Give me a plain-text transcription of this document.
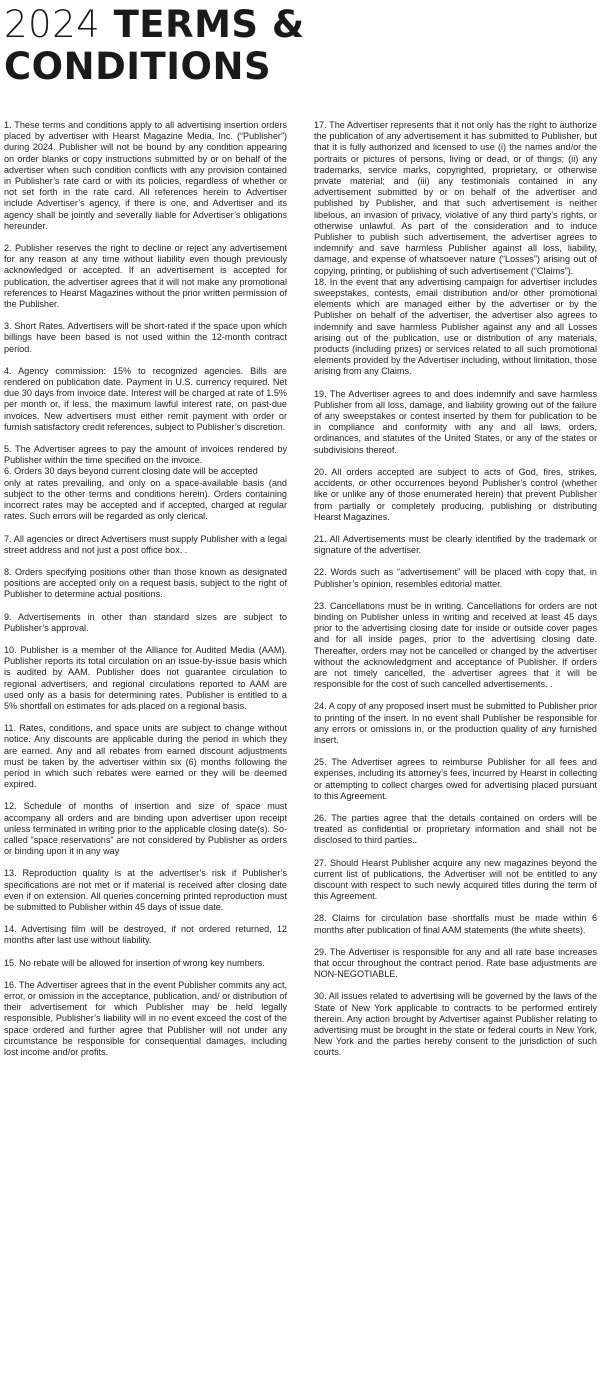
2024 TERMS &
CONDITIONS

1. These terms and conditions apply to all advertising insertion orders placed by advertiser with Hearst Magazine Media, Inc. (“Publisher”) during 2024. Publisher will not be bound by any condition appearing on order blanks or copy instructions submitted by or on behalf of the advertiser when such condition conflicts with any provision contained in Publisher’s rate card or with its policies, regardless of whether or not set forth in the rate card. All references herein to Advertiser include Advertiser’s agency, if there is one, and Advertiser and its agency shall be jointly and severally liable for Advertiser’s obligations hereunder.

2. Publisher reserves the right to decline or reject any advertisement for any reason at any time without liability even though previously acknowledged or accepted. If an advertisement is accepted for publication, the advertiser agrees that it will not make any promotional references to Hearst Magazines without the prior written permission of the Publisher.

3. Short Rates. Advertisers will be short-rated if the space upon which billings have been based is not used within the 12-month contract period.

4. Agency commission: 15% to recognized agencies. Bills are rendered on publication date. Payment in U.S. currency required. Net due 30 days from invoice date. Interest will be charged at rate of 1.5% per month or, if less, the maximum lawful interest rate, on past-due invoices. New advertisers must either remit payment with order or furnish satisfactory credit references, subject to Publisher’s discretion.

5. The Advertiser agrees to pay the amount of invoices rendered by Publisher within the time specified on the invoice.
6. Orders 30 days beyond current closing date will be accepted
only at rates prevailing, and only on a space-available basis (and subject to the other terms and conditions herein). Orders containing incorrect rates may be accepted and if accepted, charged at regular rates. Such errors will be regarded as only clerical.

7. All agencies or direct Advertisers must supply Publisher with a legal street address and not just a post office box. .

8. Orders specifying positions other than those known as designated positions are accepted only on a request basis, subject to the right of Publisher to determine actual positions.

9. Advertisements in other than standard sizes are subject to Publisher’s approval.

10. Publisher is a member of the Alliance for Audited Media (AAM). Publisher reports its total circulation on an issue-by-issue basis which is audited by AAM. Publisher does not guarantee circulation to regional advertisers, and regional circulations reported to AAM are used only as a basis for determining rates. Publisher is entitled to a 5% shortfall on estimates for ads placed on a regional basis.

11. Rates, conditions, and space units are subject to change without notice. Any discounts are applicable during the period in which they are earned. Any and all rebates from earned discount adjustments must be taken by the advertiser within six (6) months following the period in which such rebates were earned or they will be deemed expired.

12. Schedule of months of insertion and size of space must accompany all orders and are binding upon advertiser upon receipt unless terminated in writing prior to the applicable closing date(s). So- called “space reservations” are not considered by Publisher as orders or binding upon it in any way

13. Reproduction quality is at the advertiser’s risk if Publisher’s specifications are not met or if material is received after closing date even if on extension. All queries concerning printed reproduction must be submitted to Publisher within 45 days of issue date.

14. Advertising film will be destroyed, if not ordered returned, 12 months after last use without liability.

15. No rebate will be allowed for insertion of wrong key numbers.

16. The Advertiser agrees that in the event Publisher commits any act, error, or omission in the acceptance, publication, and/ or distribution of their advertisement for which Publisher may be held legally responsible, Publisher’s liability will in no event exceed the cost of the space ordered and further agree that Publisher will not under any circumstance be responsible for consequential damages, including lost income and/or profits.

17. The Advertiser represents that it not only has the right to authorize the publication of any advertisement it has submitted to Publisher, but that it is fully authorized and licensed to use (i) the names and/or the portraits or pictures of persons, living or dead, or of things; (ii) any trademarks, service marks, copyrighted, proprietary, or otherwise private material; and (iii) any testimonials contained in any advertisement submitted by or on behalf of the advertiser and published by Publisher, and that such advertisement is neither libelous, an invasion of privacy, violative of any third party’s rights, or otherwise unlawful. As part of the consideration and to induce Publisher to publish such advertisement, the advertiser agrees to indemnify and save harmless Publisher against all loss, liability, damage, and expense of whatsoever nature (“Losses”) arising out of copying, printing, or publishing of such advertisement (“Claims”).
18. In the event that any advertising campaign for advertiser includes sweepstakes, contests, email distribution and/or other promotional elements which are managed either by the advertiser or by the Publisher on behalf of the advertiser, the advertiser also agrees to indemnify and save harmless Publisher against any and all Losses arising out of the publication, use or distribution of any materials, products (including prizes) or services related to all such promotional elements provided by the Advertiser including, without limitation, those arising from any Claims.

19. The Advertiser agrees to and does indemnify and save harmless Publisher from all loss, damage, and liability growing out of the failure of any sweepstakes or contest inserted by them for publication to be in compliance and conformity with any and all laws, orders, ordinances, and statutes of the United States, or any of the states or subdivisions thereof.

20. All orders accepted are subject to acts of God, fires, strikes, accidents, or other occurrences beyond Publisher’s control (whether like or unlike any of those enumerated herein) that prevent Publisher from partially or completely producing, publishing or distributing Hearst Magazines.

21. All Advertisements must be clearly identified by the trademark or signature of the advertiser.

22. Words such as “advertisement” will be placed with copy that, in Publisher’s opinion, resembles editorial matter.

23. Cancellations must be in writing. Cancellations for orders are not binding on Publisher unless in writing and received at least 45 days prior to the advertising closing date for inside or outside cover pages and for all inside pages, prior to the advertising closing date. Thereafter, orders may not be cancelled or changed by the advertiser without the acknowledgment and acceptance of Publisher. If orders are not timely cancelled, the advertiser agrees that it will be responsible for the cost of such cancelled advertisements. .

24. A copy of any proposed insert must be submitted to Publisher prior to printing of the insert. In no event shall Publisher be responsible for any errors or omissions in, or the production quality of any furnished insert.

25. The Advertiser agrees to reimburse Publisher for all fees and expenses, including its attorney’s fees, incurred by Hearst in collecting or attempting to collect charges owed for advertising placed pursuant to this Agreement.

26. The parties agree that the details contained on orders will be treated as confidential or proprietary information and shall not be disclosed to third parties..

27. Should Hearst Publisher acquire any new magazines beyond the current list of publications, the Advertiser will not be entitled to any discount with respect to such newly acquired titles during the term of this Agreement.

28. Claims for circulation base shortfalls must be made within 6 months after publication of final AAM statements (the white sheets).

29. The Advertiser is responsible for any and all rate base increases that occur throughout the contract period. Rate base adjustments are NON-NEGOTIABLE.

30. All issues related to advertising will be governed by the laws of the State of New York applicable to contracts to be performed entirely therein. Any action brought by Advertiser against Publisher relating to advertising must be brought in the state or federal courts in New York, New York and the parties hereby consent to the jurisdiction of such courts.
